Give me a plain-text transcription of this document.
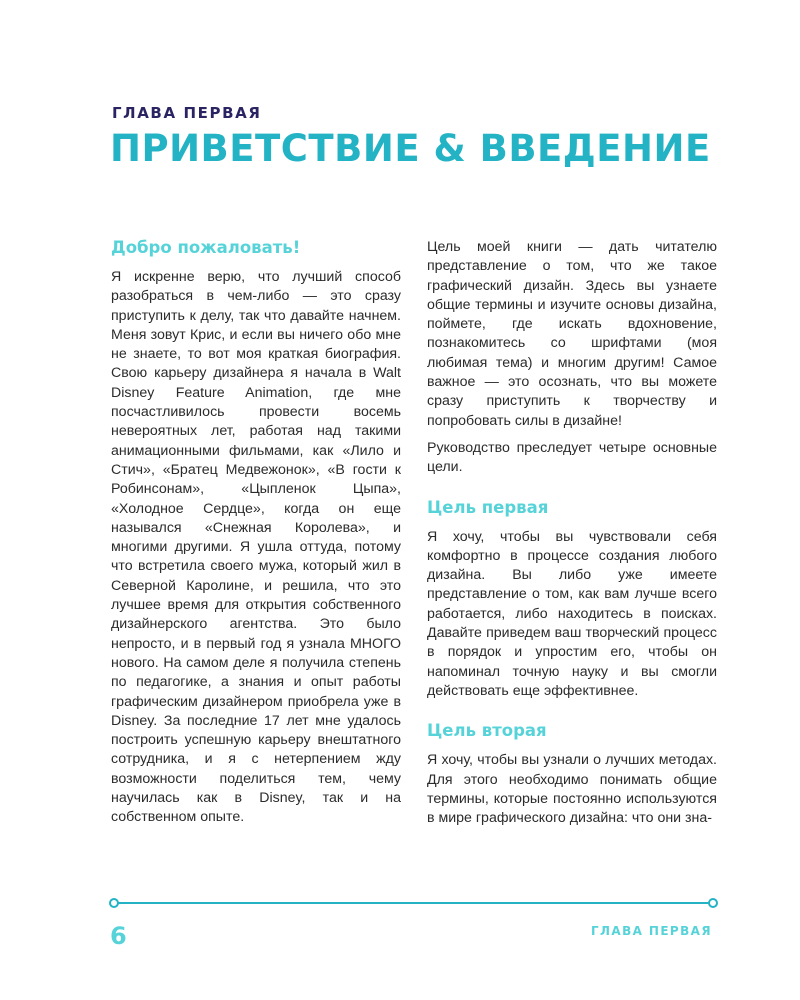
ГЛАВА ПЕРВАЯ
ПРИВЕТСТВИЕ & ВВЕДЕНИЕ
Добро пожаловать!

Я искренне верю, что лучший способ разобраться в чем-либо — это сразу приступить к делу, так что давайте начнем. Меня зовут Крис, и если вы ничего обо мне не знаете, то вот моя краткая биография. Свою карьеру дизайнера я начала в Walt Disney Feature Animation, где мне посчастливилось провести восемь невероятных лет, работая над такими анимационными фильмами, как «Лило и Стич», «Братец Медвежонок», «В гости к Робинсонам», «Цыпленок Цыпа», «Холодное Сердце», когда он еще назывался «Снежная Королева», и многими другими. Я ушла оттуда, потому что встретила своего мужа, который жил в Северной Каролине, и решила, что это лучшее время для открытия собственного дизайнерского агентства. Это было непросто, и в первый год я узнала МНОГО нового. На самом деле я получила степень по педагогике, а знания и опыт работы графическим дизайнером приобрела уже в Disney. За последние 17 лет мне удалось построить успешную карьеру внештатного сотрудника, и я с нетерпением жду возможности поделиться тем, чему научилась как в Disney, так и на собственном опыте.

Цель моей книги — дать читателю представление о том, что же такое графический дизайн. Здесь вы узнаете общие термины и изучите основы дизайна, поймете, где искать вдохновение, познакомитесь со шрифтами (моя любимая тема) и многим другим! Самое важное — это осознать, что вы можете сразу приступить к творчеству и попробовать силы в дизайне!

Руководство преследует четыре основные цели.

Цель первая

Я хочу, чтобы вы чувствовали себя комфортно в процессе создания любого дизайна. Вы либо уже имеете представление о том, как вам лучше всего работается, либо находитесь в поисках. Давайте приведем ваш творческий процесс в порядок и упростим его, чтобы он напоминал точную науку и вы смогли действовать еще эффективнее.

Цель вторая

Я хочу, чтобы вы узнали о лучших методах. Для этого необходимо понимать общие термины, которые постоянно используются в мире графического дизайна: что они зна-

6	ГЛАВА ПЕРВАЯ
